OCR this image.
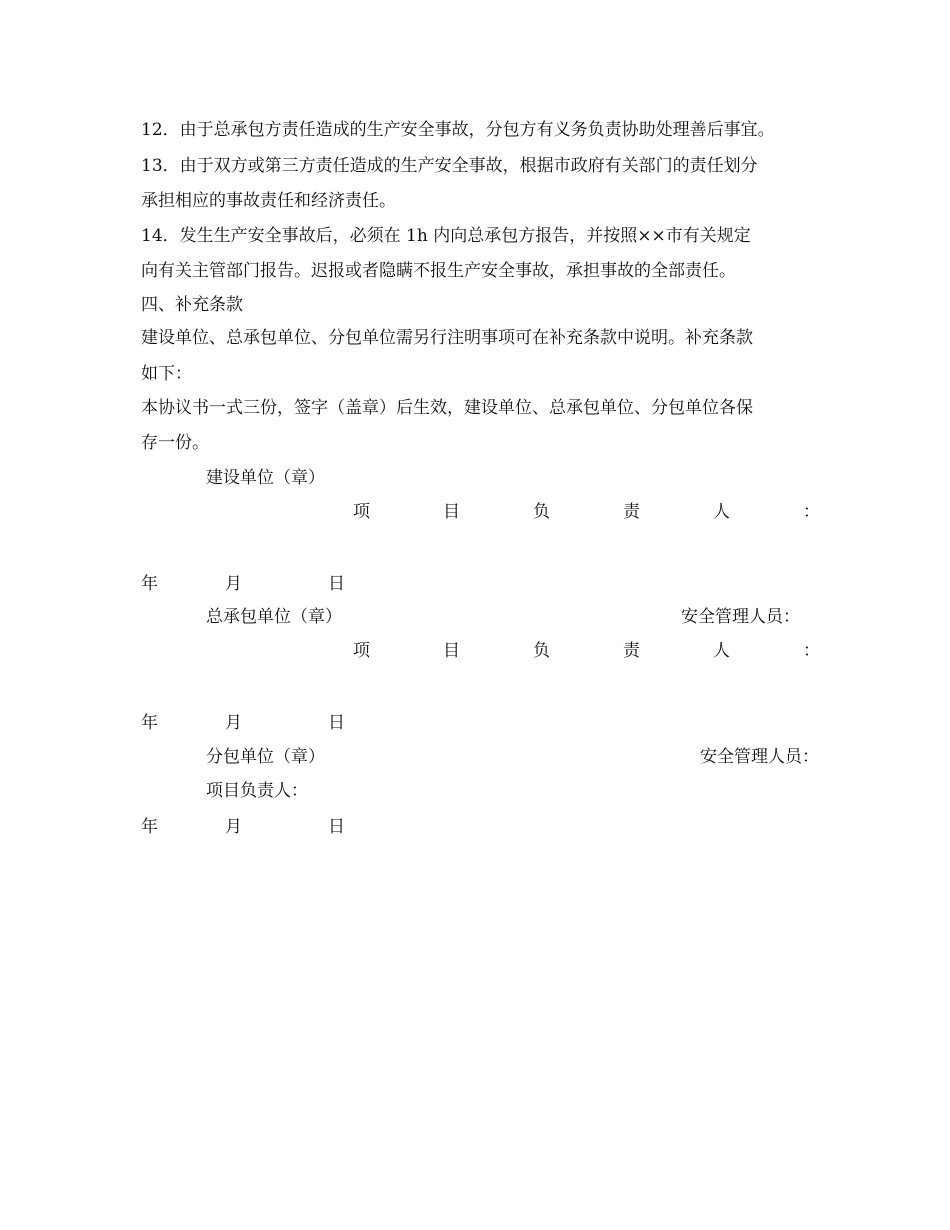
12．由于总承包方责任造成的生产安全事故，分包方有义务负责协助处理善后事宜。
13．由于双方或第三方责任造成的生产安全事故，根据市政府有关部门的责任划分
承担相应的事故责任和经济责任。
14．发生生产安全事故后，必须在 1h 内向总承包方报告，并按照××市有关规定
向有关主管部门报告。迟报或者隐瞒不报生产安全事故，承担事故的全部责任。
四、补充条款
建设单位、总承包单位、分包单位需另行注明事项可在补充条款中说明。补充条款
如下：
本协议书一式三份，签字（盖章）后生效，建设单位、总承包单位、分包单位各保
存一份。
建设单位（章）
项	目	负	责	人	：
年	月	日
总承包单位（章）	安全管理人员：
项	目	负	责	人	：
年	月	日
分包单位（章）	安全管理人员：
项目负责人：
年	月	日
